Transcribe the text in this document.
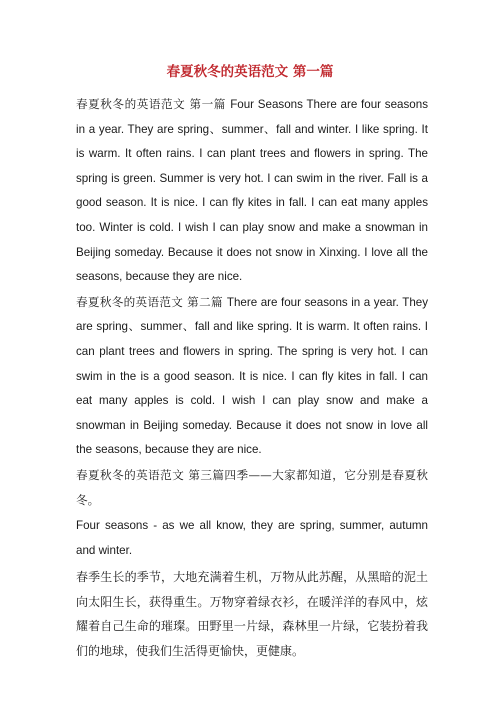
春夏秋冬的英语范文 第一篇

春夏秋冬的英语范文 第一篇 Four Seasons There are four seasons in a year. They are spring、summer、fall and winter. I like spring. It is warm. It often rains. I can plant trees and flowers in spring. The spring is green. Summer is very hot. I can swim in the river. Fall is a good season. It is nice. I can fly kites in fall. I can eat many apples too. Winter is cold. I wish I can play snow and make a snowman in Beijing someday. Because it does not snow in Xinxing. I love all the seasons, because they are nice.

春夏秋冬的英语范文 第二篇 There are four seasons in a year. They are spring、summer、fall and like spring. It is warm. It often rains. I can plant trees and flowers in spring. The spring is very hot. I can swim in the is a good season. It is nice. I can fly kites in fall. I can eat many apples is cold. I wish I can play snow and make a snowman in Beijing someday. Because it does not snow in love all the seasons, because they are nice.

春夏秋冬的英语范文 第三篇四季——大家都知道，它分别是春夏秋冬。

Four seasons - as we all know, they are spring, summer, autumn and winter.

春季生长的季节，大地充满着生机，万物从此苏醒，从黑暗的泥土向太阳生长，获得重生。万物穿着绿衣衫，在暖洋洋的春风中，炫耀着自己生命的璀璨。田野里一片绿，森林里一片绿，它装扮着我们的地球，使我们生活得更愉快，更健康。
